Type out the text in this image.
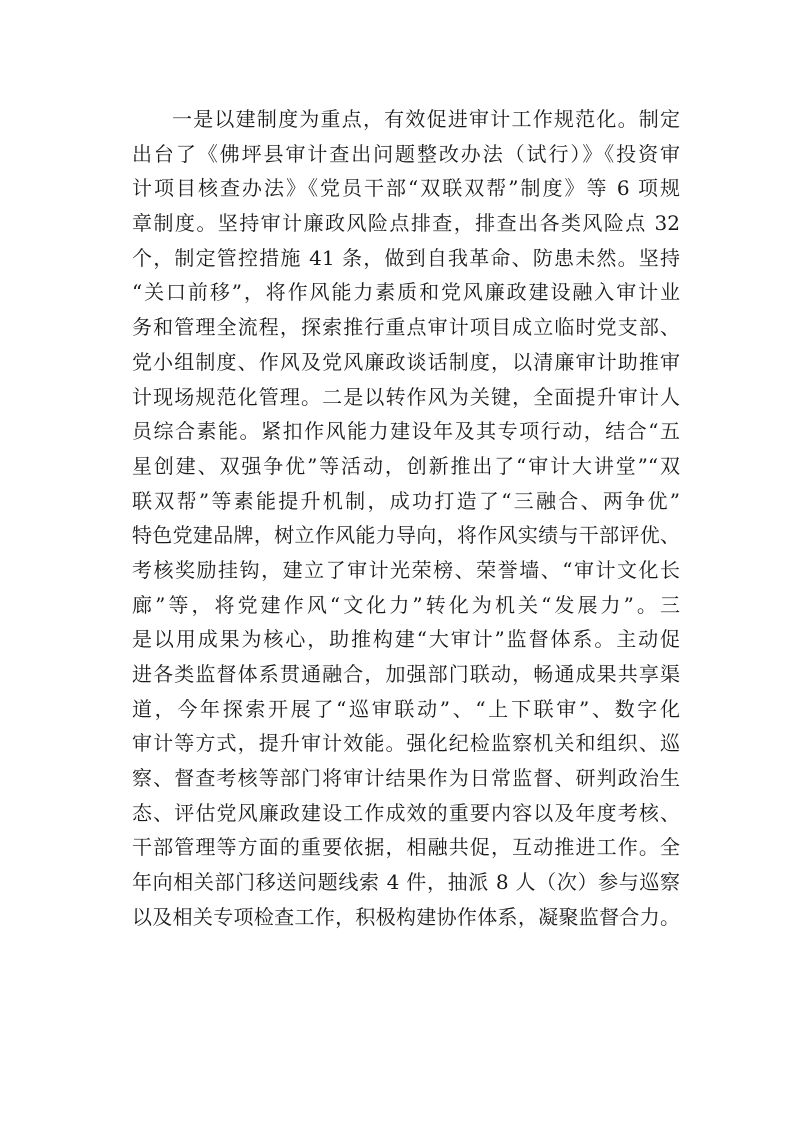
一是以建制度为重点，有效促进审计工作规范化。制定
出台了《佛坪县审计查出问题整改办法（试行）》《投资审
计项目核查办法》《党员干部“双联双帮”制度》等 6 项规
章制度。坚持审计廉政风险点排查，排查出各类风险点 32
个，制定管控措施 41 条，做到自我革命、防患未然。坚持
“关口前移”，将作风能力素质和党风廉政建设融入审计业
务和管理全流程，探索推行重点审计项目成立临时党支部、
党小组制度、作风及党风廉政谈话制度，以清廉审计助推审
计现场规范化管理。二是以转作风为关键，全面提升审计人
员综合素能。紧扣作风能力建设年及其专项行动，结合“五
星创建、双强争优”等活动，创新推出了“审计大讲堂”“双
联双帮”等素能提升机制，成功打造了“三融合、两争优”
特色党建品牌，树立作风能力导向，将作风实绩与干部评优、
考核奖励挂钩，建立了审计光荣榜、荣誉墙、“审计文化长
廊”等，将党建作风“文化力”转化为机关“发展力”。三
是以用成果为核心，助推构建“大审计”监督体系。主动促
进各类监督体系贯通融合，加强部门联动，畅通成果共享渠
道，今年探索开展了“巡审联动”、“上下联审”、数字化
审计等方式，提升审计效能。强化纪检监察机关和组织、巡
察、督查考核等部门将审计结果作为日常监督、研判政治生
态、评估党风廉政建设工作成效的重要内容以及年度考核、
干部管理等方面的重要依据，相融共促，互动推进工作。全
年向相关部门移送问题线索 4 件，抽派 8 人（次）参与巡察
以及相关专项检查工作，积极构建协作体系，凝聚监督合力。
